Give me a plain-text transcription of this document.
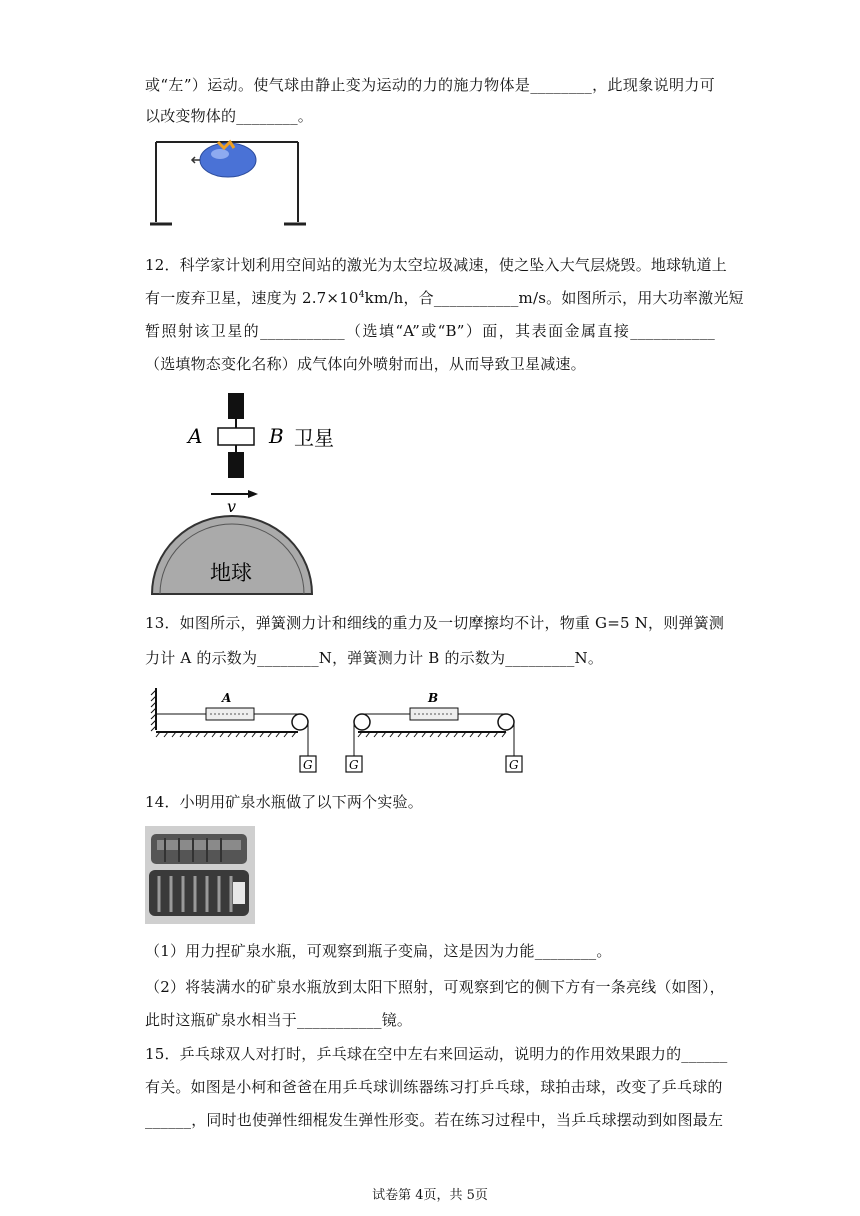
或“左”）运动。使气球由静止变为运动的力的施力物体是________，此现象说明力可
以改变物体的________。
12．科学家计划利用空间站的激光为太空垃圾减速，使之坠入大气层烧毁。地球轨道上
有一废弃卫星，速度为 $2.7\times 10^4km/h$，合___________m/s。如图所示，用大功率激光短
暂照射该卫星的___________（选填“A”或“B”）面，其表面金属直接___________
（选填物态变化名称）成气体向外喷射而出，从而导致卫星减速。
A	B 卫星
v
地球
13．如图所示，弹簧测力计和细线的重力及一切摩擦均不计，物重 G=5 N，则弹簧测
力计 A 的示数为________N，弹簧测力计 B 的示数为_________N。
A
G	G
B
G
14．小明用矿泉水瓶做了以下两个实验。
（1）用力捏矿泉水瓶，可观察到瓶子变扁，这是因为力能________。
（2）将装满水的矿泉水瓶放到太阳下照射，可观察到它的侧下方有一条亮线（如图），
此时这瓶矿泉水相当于___________镜。
15．乒乓球双人对打时，乒乓球在空中左右来回运动，说明力的作用效果跟力的______
有关。如图是小柯和爸爸在用乒乓球训练器练习打乒乓球，球拍击球，改变了乒乓球的
______，同时也使弹性细棍发生弹性形变。若在练习过程中，当乒乓球摆动到如图最左
试卷第 4页，共 5页
